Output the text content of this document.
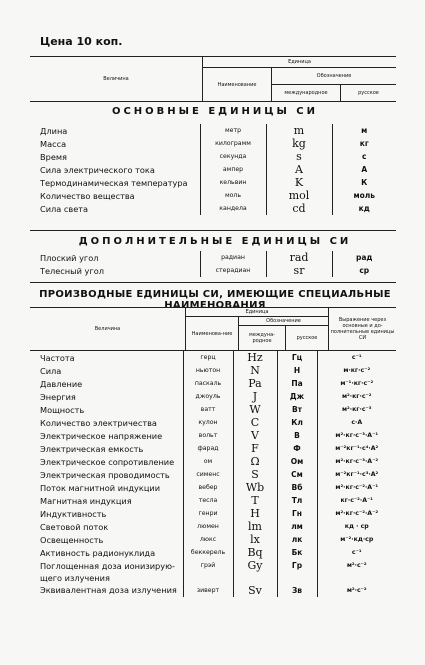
Цена 10 коп.
Величина	Единица		
	Наименование	Обозначение	
		международное	русское
ОСНОВНЫЕ ЕДИНИЦЫ СИ
Длина	метр	m	м
Масса	килограмм	kg	кг
Время	секунда	s	с
Сила электрического тока	ампер	A	А
Термодинамическая температура	кельвин	K	К
Количество вещества	моль	mol	моль
Сила света	кандела	cd	кд
ДОПОЛНИТЕЛЬНЫЕ ЕДИНИЦЫ СИ
Плоский угол	радиан	rad	рад
Телесный угол	стерадиан	sr	ср
ПРОИЗВОДНЫЕ ЕДИНИЦЫ СИ, ИМЕЮЩИЕ СПЕЦИАЛЬНЫЕ НАИМЕНОВАНИЯ
Величина	Единица			Выражение через основные и до-полнительные единицы СИ
	Наименова-ние	Обозначение		
		междуна-родное	русское	
Частота	герц	Hz	Гц	с⁻¹
Сила	ньютон	N	Н	м·кг·с⁻²
Давление	паскаль	Pa	Па	м⁻¹·кг·с⁻²
Энергия	джоуль	J	Дж	м²·кг·с⁻²
Мощность	ватт	W	Вт	м²·кг·с⁻³
Количество электричества	кулон	C	Кл	с·А
Электрическое напряжение	вольт	V	В	м²·кг·с⁻³·А⁻¹
Электрическая емкость	фарад	F	Ф	м⁻²кг⁻¹·с⁴·А²
Электрическое сопротивление	ом	Ω	Ом	м²·кг·с⁻³·А⁻²
Электрическая проводимость	сименс	S	См	м⁻²кг⁻¹·с³·А²
Поток магнитной индукции	вебер	Wb	Вб	м²·кг·с⁻²·А⁻¹
Магнитная индукция	тесла	T	Тл	кг·с⁻²·А⁻¹
Индуктивность	генри	H	Гн	м²·кг·с⁻²·А⁻²
Световой поток	люмен	lm	лм	кд · ср
Освещенность	люкс	lx	лк	м⁻²·кд·ср
Активность радионуклида	беккерель	Bq	Бк	с⁻¹
Поглощенная доза ионизирую-	грэй	Gy	Гр	м²·с⁻²
щего излучения				
Эквивалентная доза излучения	зиверт	Sv	Зв	м²·с⁻²
